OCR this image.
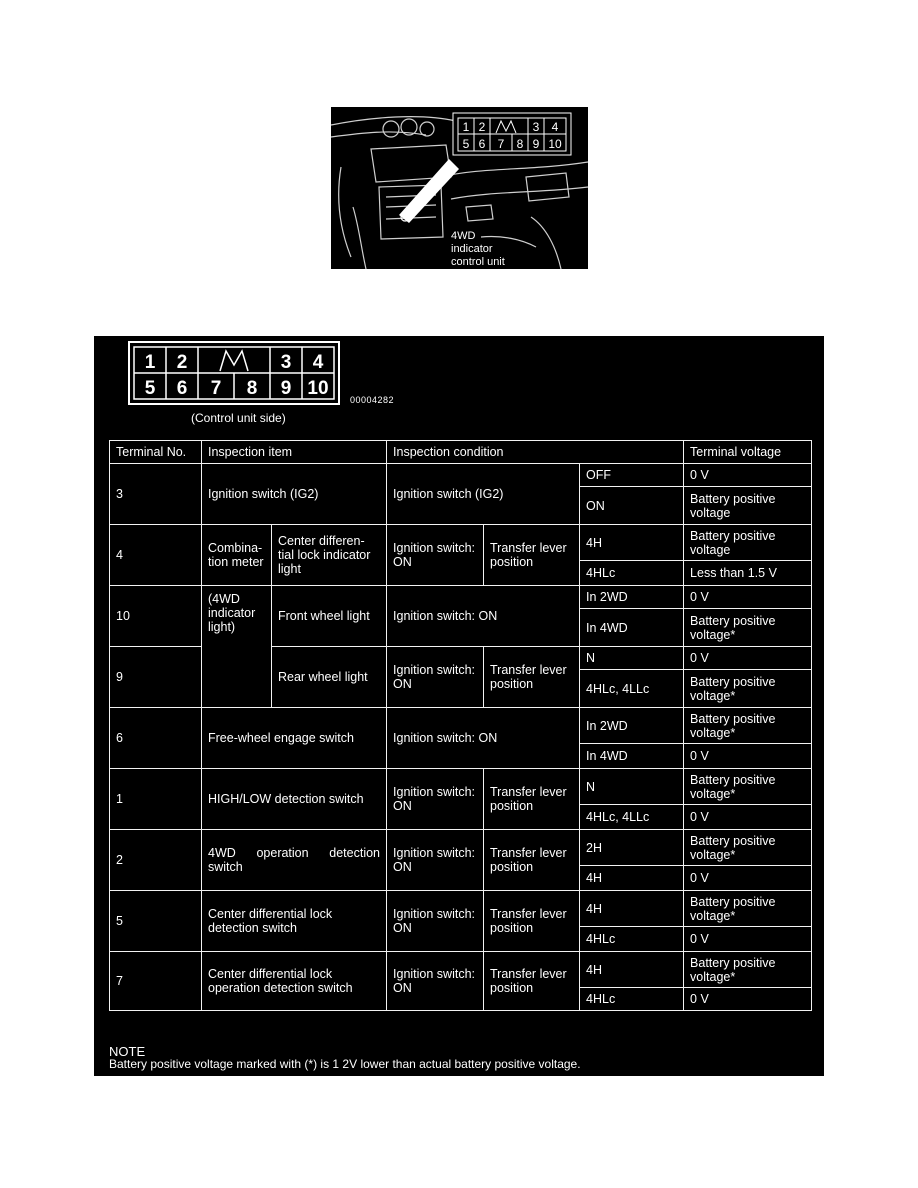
1 2	3 4
5 6 7 8 9 10
4WD
indicator
control unit
1 2	3 4
5 6 7 8 9 10
(Control unit side)
00004282
Terminal No.	Inspection item		Inspection condition			Terminal voltage
3	Ignition switch (IG2)		Ignition switch (IG2)		OFF	0 V
					ON	Battery positive voltage
4	Combina-tion meter	Center differen-tial lock indicator light	Ignition switch: ON	Transfer lever position	4H	Battery positive voltage
					4HLc	Less than 1.5 V
10	(4WD indicator light)	Front wheel light	Ignition switch: ON		In 2WD	0 V
					In 4WD	Battery positive voltage*
9		Rear wheel light	Ignition switch: ON	Transfer lever position	N	0 V
					4HLc, 4LLc	Battery positive voltage*
6	Free-wheel engage switch		Ignition switch: ON		In 2WD	Battery positive voltage*
					In 4WD	0 V
1	HIGH/LOW detection switch		Ignition switch: ON	Transfer lever position	N	Battery positive voltage*
					4HLc, 4LLc	0 V
2	4WD operation detection switch		Ignition switch: ON	Transfer lever position	2H	Battery positive voltage*
					4H	0 V
5	Center differential lock detection switch		Ignition switch: ON	Transfer lever position	4H	Battery positive voltage*
					4HLc	0 V
7	Center differential lock operation detection switch		Ignition switch: ON	Transfer lever position	4H	Battery positive voltage*
					4HLc	0 V
NOTE
Battery positive voltage marked with (*) is 1 2V lower than actual battery positive voltage.
